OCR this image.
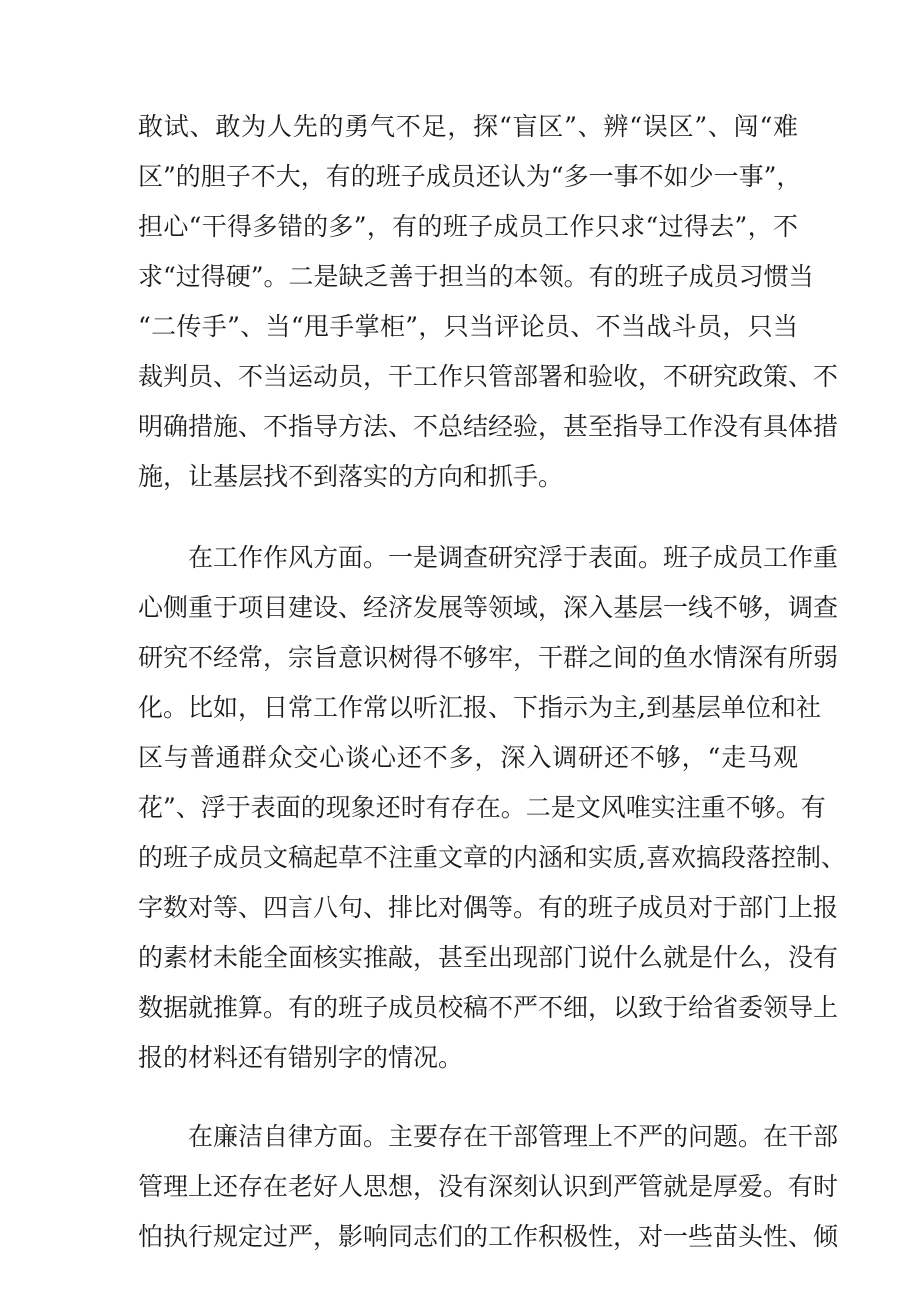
敢试、敢为人先的勇气不足，探“盲区”、辨“误区”、闯“难
区”的胆子不大，有的班子成员还认为“多一事不如少一事”，
担心“干得多错的多”，有的班子成员工作只求“过得去”，不
求“过得硬”。二是缺乏善于担当的本领。有的班子成员习惯当
“二传手”、当“甩手掌柜”，只当评论员、不当战斗员，只当
裁判员、不当运动员，干工作只管部署和验收，不研究政策、不
明确措施、不指导方法、不总结经验，甚至指导工作没有具体措
施，让基层找不到落实的方向和抓手。
在工作作风方面。一是调查研究浮于表面。班子成员工作重
心侧重于项目建设、经济发展等领域，深入基层一线不够，调查
研究不经常，宗旨意识树得不够牢，干群之间的鱼水情深有所弱
化。比如，日常工作常以听汇报、下指示为主,到基层单位和社
区与普通群众交心谈心还不多，深入调研还不够，“走马观
花”、浮于表面的现象还时有存在。二是文风唯实注重不够。有
的班子成员文稿起草不注重文章的内涵和实质,喜欢搞段落控制、
字数对等、四言八句、排比对偶等。有的班子成员对于部门上报
的素材未能全面核实推敲，甚至出现部门说什么就是什么，没有
数据就推算。有的班子成员校稿不严不细，以致于给省委领导上
报的材料还有错别字的情况。
在廉洁自律方面。主要存在干部管理上不严的问题。在干部
管理上还存在老好人思想，没有深刻认识到严管就是厚爱。有时
怕执行规定过严，影响同志们的工作积极性，对一些苗头性、倾
